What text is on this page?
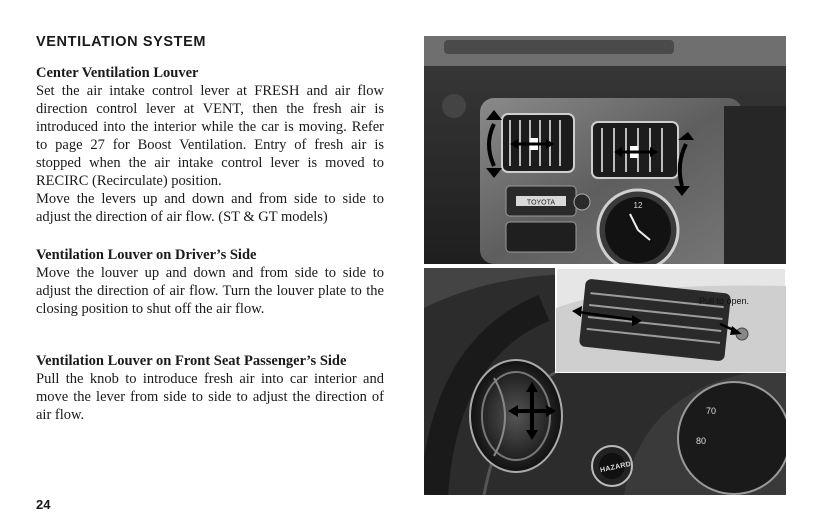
VENTILATION SYSTEM

Center Ventilation Louver

Set the air intake control lever at FRESH and air flow direction control lever at VENT, then the fresh air is introduced into the interior while the car is moving. Refer to page 27 for Boost Ventilation. Entry of fresh air is stopped when the air intake control lever is moved to RECIRC (Recirculate) position.

Move the levers up and down and from side to side to adjust the direction of air flow. (ST & GT models)

Ventilation Louver on Driver’s Side

Move the louver up and down and from side to side to adjust the direction of air flow. Turn the louver plate to the closing position to shut off the air flow.

Ventilation Louver on Front Seat Passenger’s Side

Pull the knob to introduce fresh air into car interior and move the lever from side to side to adjust the direction of air flow.

24
TOYOTA	12
70
80
Pull to open.
HAZARD
